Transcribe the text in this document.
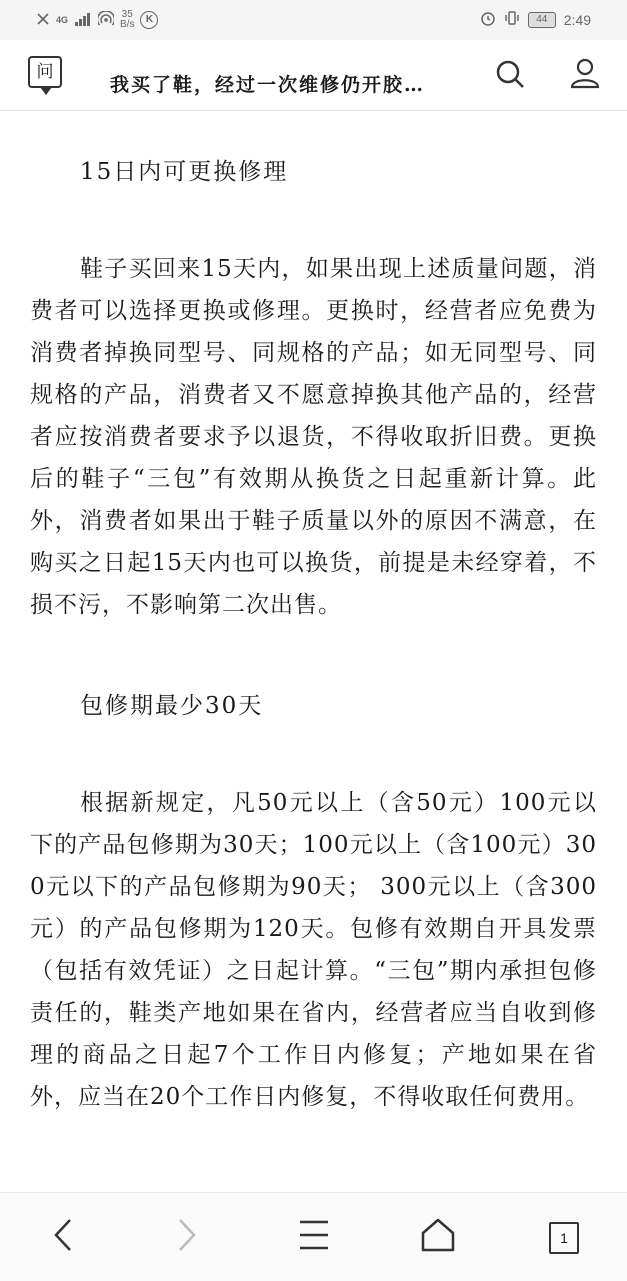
4G	35
B/s	K	44	2:49
问
我买了鞋，经过一次维修仍开胶…
15日内可更换修理
鞋子买回来15天内，如果出现上述质量问题，消费者可以选择更换或修理。更换时，经营者应免费为消费者掉换同型号、同规格的产品；如无同型号、同规格的产品，消费者又不愿意掉换其他产品的，经营者应按消费者要求予以退货，不得收取折旧费。更换后的鞋子“三包”有效期从换货之日起重新计算。此外，消费者如果出于鞋子质量以外的原因不满意，在购买之日起15天内也可以换货，前提是未经穿着，不损不污，不影响第二次出售。
包修期最少30天
根据新规定，凡50元以上（含50元）100元以下的产品包修期为30天；100元以上（含100元）300元以下的产品包修期为90天； 300元以上（含300元）的产品包修期为120天。包修有效期自开具发票（包括有效凭证）之日起计算。“三包”期内承担包修责任的，鞋类产地如果在省内，经营者应当自收到修理的商品之日起7个工作日内修复；产地如果在省外，应当在20个工作日内修复，不得收取任何费用。
1
